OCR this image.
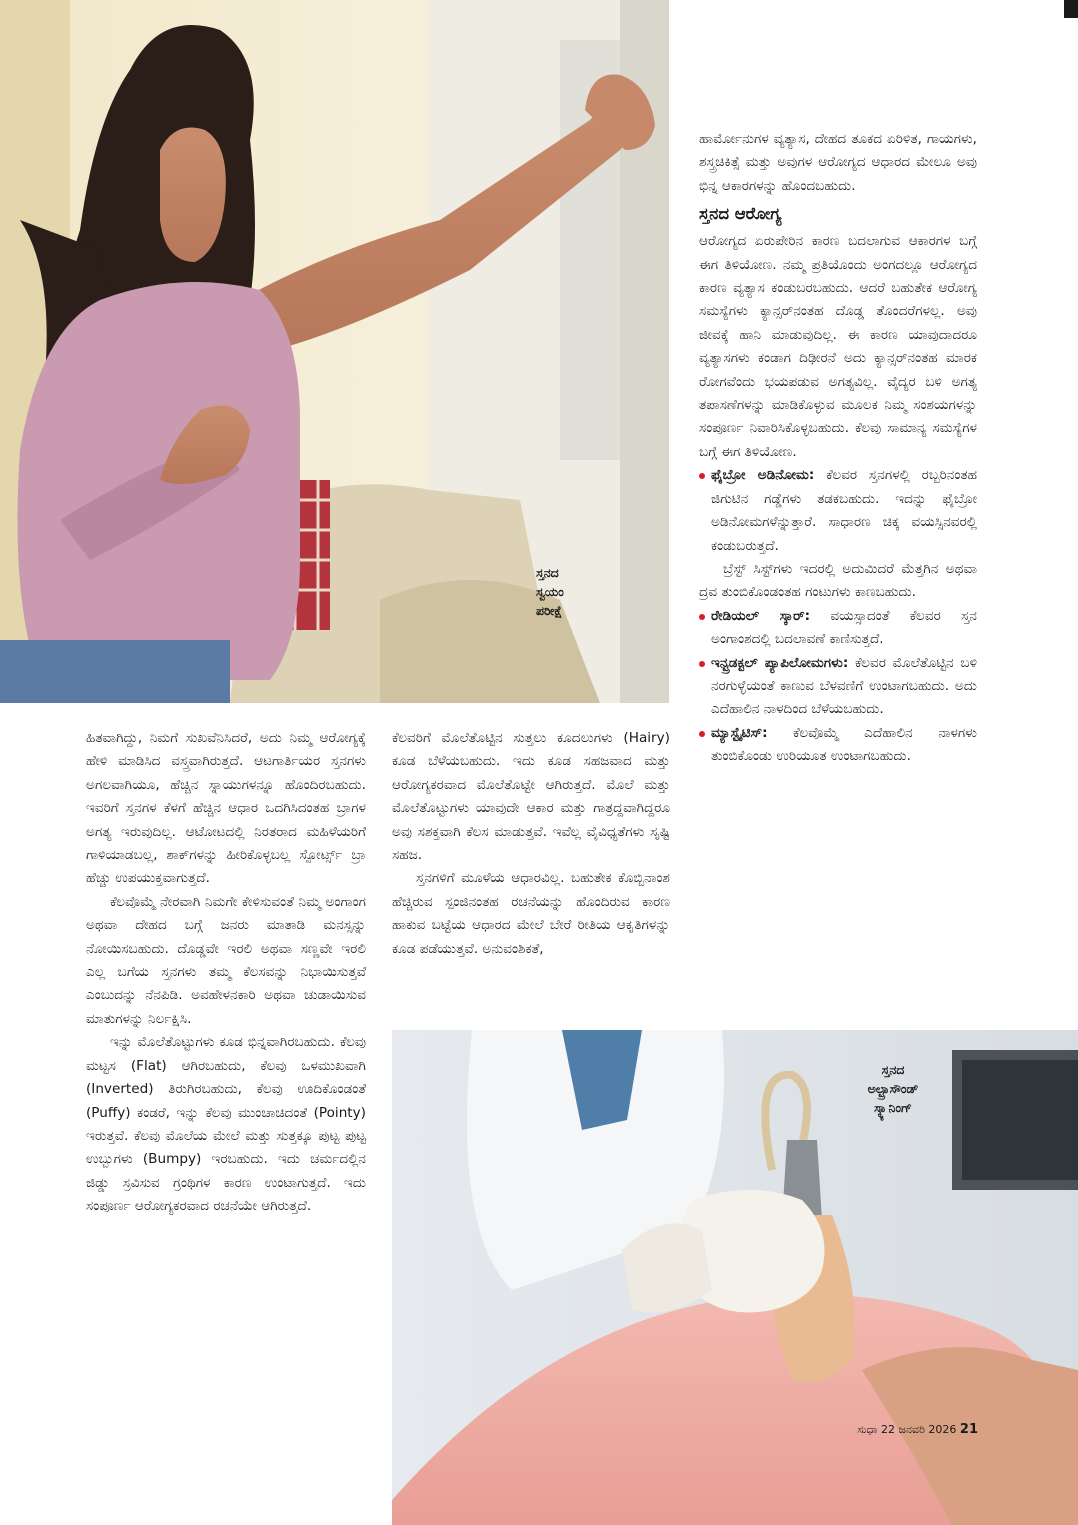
ಸ್ತನದ
ಸ್ವಯಂ
ಪರೀಕ್ಷೆ

ಹಾರ್ಮೋನುಗಳ ವ್ಯತ್ಯಾಸ, ದೇಹದ ತೂಕದ ಏರಿಳಿತ, ಗಾಯಗಳು, ಶಸ್ತ್ರಚಿಕಿತ್ಸೆ ಮತ್ತು ಅವುಗಳ ಆರೋಗ್ಯದ ಆಧಾರದ ಮೇಲೂ ಅವು ಭಿನ್ನ ಆಕಾರಗಳನ್ನು ಹೊಂದಬಹುದು.

ಸ್ತನದ ಆರೋಗ್ಯ

ಆರೋಗ್ಯದ ಏರುಪೇರಿನ ಕಾರಣ ಬದಲಾಗುವ ಆಕಾರಗಳ ಬಗ್ಗೆ ಈಗ ತಿಳಿಯೋಣ. ನಮ್ಮ ಪ್ರತಿಯೊಂದು ಅಂಗದಲ್ಲೂ ಆರೋಗ್ಯದ ಕಾರಣ ವ್ಯತ್ಯಾಸ ಕಂಡುಬರಬಹುದು. ಆದರೆ ಬಹುತೇಕ ಆರೋಗ್ಯ ಸಮಸ್ಯೆಗಳು ಕ್ಯಾನ್ಸರ್‌ನಂತಹ ದೊಡ್ಡ ತೊಂದರೆಗಳಲ್ಲ. ಅವು ಜೀವಕ್ಕೆ ಹಾನಿ ಮಾಡುವುದಿಲ್ಲ. ಈ ಕಾರಣ ಯಾವುದಾದರೂ ವ್ಯತ್ಯಾಸಗಳು ಕಂಡಾಗ ದಿಢೀರನೆ ಅದು ಕ್ಯಾನ್ಸರ್‌ನಂತಹ ಮಾರಕ ರೋಗವೆಂದು ಭಯಪಡುವ ಅಗತ್ಯವಿಲ್ಲ. ವೈದ್ಯರ ಬಳಿ ಅಗತ್ಯ ತಪಾಸಣೆಗಳನ್ನು ಮಾಡಿಕೊಳ್ಳುವ ಮೂಲಕ ನಿಮ್ಮ ಸಂಶಯಗಳನ್ನು ಸಂಪೂರ್ಣ ನಿವಾರಿಸಿಕೊಳ್ಳಬಹುದು. ಕೆಲವು ಸಾಮಾನ್ಯ ಸಮಸ್ಯೆಗಳ ಬಗ್ಗೆ ಈಗ ತಿಳಿಯೋಣ.

ಫೈಬ್ರೋ ಅಡಿನೋಮ: ಕೆಲವರ ಸ್ತನಗಳಲ್ಲಿ ರಬ್ಬರಿನಂತಹ ಜಿಗುಟಿನ ಗಡ್ಡೆಗಳು ತಡಕಬಹುದು. ಇದನ್ನು ಫೈಬ್ರೋ ಅಡಿನೋಮಗಳೆನ್ನುತ್ತಾರೆ. ಸಾಧಾರಣ ಚಿಕ್ಕ ವಯಸ್ಸಿನವರಲ್ಲಿ ಕಂಡುಬರುತ್ತದೆ.

ಬ್ರೆಸ್ಟ್ ಸಿಸ್ಟ್‌ಗಳು ಇದರಲ್ಲಿ ಅದುಮಿದರೆ ಮೆತ್ತಗಿನ ಅಥವಾ ದ್ರವ ತುಂಬಿಕೊಂಡಂತಹ ಗಂಟುಗಳು ಕಾಣಬಹುದು.

ರೇಡಿಯಲ್ ಸ್ಕಾರ್: ವಯಸ್ಸಾದಂತೆ ಕೆಲವರ ಸ್ತನ ಅಂಗಾಂಶದಲ್ಲಿ ಬದಲಾವಣೆ ಕಾಣಿಸುತ್ತದೆ.
ಇನ್ಟ್ರಡಕ್ಟಲ್ ಪ್ಯಾಪಿಲೋಮಗಳು: ಕೆಲವರ ಮೊಲೆತೊಟ್ಟಿನ ಬಳಿ ನರಗುಳ್ಳೆಯಂತೆ ಕಾಣುವ ಬೆಳವಣಿಗೆ ಉಂಟಾಗಬಹುದು. ಅದು ಎದೆಹಾಲಿನ ನಾಳದಿಂದ ಬೆಳೆಯಬಹುದು.
ಮ್ಯಾಸ್ಟೈಟಿಸ್: ಕೆಲವೊಮ್ಮೆ ಎದೆಹಾಲಿನ ನಾಳಗಳು ತುಂಬಿಕೊಂಡು ಉರಿಯೂತ ಉಂಟಾಗಬಹುದು.

ಹಿತವಾಗಿದ್ದು, ನಿಮಗೆ ಸುಖವೆನಿಸಿದರೆ, ಅದು ನಿಮ್ಮ ಆರೋಗ್ಯಕ್ಕೆ ಹೇಳಿ ಮಾಡಿಸಿದ ವಸ್ತ್ರವಾಗಿರುತ್ತದೆ. ಆಟಗಾರ್ತಿಯರ ಸ್ತನಗಳು ಅಗಲವಾಗಿಯೂ, ಹೆಚ್ಚಿನ ಸ್ನಾಯುಗಳನ್ನೂ ಹೊಂದಿರಬಹುದು. ಇವರಿಗೆ ಸ್ತನಗಳ ಕೆಳಗೆ ಹೆಚ್ಚಿನ ಆಧಾರ ಒದಗಿಸಿದಂತಹ ಬ್ರಾಗಳ ಅಗತ್ಯ ಇರುವುದಿಲ್ಲ. ಆಟೋಟದಲ್ಲಿ ನಿರತರಾದ ಮಹಿಳೆಯರಿಗೆ ಗಾಳಿಯಾಡಬಲ್ಲ, ಶಾಕ್‌ಗಳನ್ನು ಹೀರಿಕೊಳ್ಳಬಲ್ಲ ಸ್ಪೋರ್ಟ್ಸ್ ಬ್ರಾ ಹೆಚ್ಚು ಉಪಯುಕ್ತವಾಗುತ್ತದೆ.

ಕೆಲವೊಮ್ಮೆ ನೇರವಾಗಿ ನಿಮಗೇ ಕೇಳಿಸುವಂತೆ ನಿಮ್ಮ ಅಂಗಾಂಗ ಅಥವಾ ದೇಹದ ಬಗ್ಗೆ ಜನರು ಮಾತಾಡಿ ಮನಸ್ಸನ್ನು ನೋಯಿಸಬಹುದು. ದೊಡ್ಡವೇ ಇರಲಿ ಅಥವಾ ಸಣ್ಣವೇ ಇರಲಿ ಎಲ್ಲ ಬಗೆಯ ಸ್ತನಗಳು ತಮ್ಮ ಕೆಲಸವನ್ನು ನಿಭಾಯಿಸುತ್ತವೆ ಎಂಬುದನ್ನು ನೆನಪಿಡಿ. ಅವಹೇಳನಕಾರಿ ಅಥವಾ ಚುಡಾಯಿಸುವ ಮಾತುಗಳನ್ನು ನಿರ್ಲಕ್ಷಿಸಿ.

ಇನ್ನು ಮೊಲೆತೊಟ್ಟುಗಳು ಕೂಡ ಭಿನ್ನವಾಗಿರಬಹುದು. ಕೆಲವು ಮಟ್ಟಸ (Flat) ಆಗಿರಬಹುದು, ಕೆಲವು ಒಳಮುಖವಾಗಿ (Inverted) ತಿರುಗಿರಬಹುದು, ಕೆಲವು ಊದಿಕೊಂಡಂತೆ (Puffy) ಕಂಡರೆ, ಇನ್ನು ಕೆಲವು ಮುಂಚಾಚಿದಂತೆ (Pointy) ಇರುತ್ತವೆ. ಕೆಲವು ಮೊಲೆಯ ಮೇಲೆ ಮತ್ತು ಸುತ್ತಕ್ಕೂ ಪುಟ್ಟ ಪುಟ್ಟ ಉಬ್ಬುಗಳು (Bumpy) ಇರಬಹುದು. ಇದು ಚರ್ಮದಲ್ಲಿನ ಜಿಡ್ಡು ಸ್ರವಿಸುವ ಗ್ರಂಥಿಗಳ ಕಾರಣ ಉಂಟಾಗುತ್ತದೆ. ಇದು ಸಂಪೂರ್ಣ ಆರೋಗ್ಯಕರವಾದ ರಚನೆಯೇ ಆಗಿರುತ್ತದೆ.

ಕೆಲವರಿಗೆ ಮೊಲೆತೊಟ್ಟಿನ ಸುತ್ತಲು ಕೂದಲುಗಳು (Hairy) ಕೂಡ ಬೆಳೆಯಬಹುದು. ಇದು ಕೂಡ ಸಹಜವಾದ ಮತ್ತು ಆರೋಗ್ಯಕರವಾದ ಮೊಲೆತೊಟ್ಟೇ ಆಗಿರುತ್ತದೆ. ಮೊಲೆ ಮತ್ತು ಮೊಲೆತೊಟ್ಟುಗಳು ಯಾವುದೇ ಆಕಾರ ಮತ್ತು ಗಾತ್ರದ್ದವಾಗಿದ್ದರೂ ಅವು ಸಶಕ್ತವಾಗಿ ಕೆಲಸ ಮಾಡುತ್ತವೆ. ಇವೆಲ್ಲ ವೈವಿಧ್ಯತೆಗಳು ಸೃಷ್ಟಿ ಸಹಜ.

ಸ್ತನಗಳಿಗೆ ಮೂಳೆಯ ಆಧಾರವಿಲ್ಲ. ಬಹುತೇಕ ಕೊಬ್ಬಿನಾಂಶ ಹೆಚ್ಚಿರುವ ಸ್ಪಂಜಿನಂತಹ ರಚನೆಯನ್ನು ಹೊಂದಿರುವ ಕಾರಣ ಹಾಕುವ ಬಟ್ಟೆಯ ಆಧಾರದ ಮೇಲೆ ಬೇರೆ ರೀತಿಯ ಆಕೃತಿಗಳನ್ನು ಕೂಡ ಪಡೆಯುತ್ತವೆ. ಅನುವಂಶಿಕತೆ,

ಸ್ತನದ
ಅಲ್ಟ್ರಾಸೌಂಡ್
ಸ್ಕ್ಯಾನಿಂಗ್
ಸುಧಾ 22 ಜನವರಿ 2026 21
